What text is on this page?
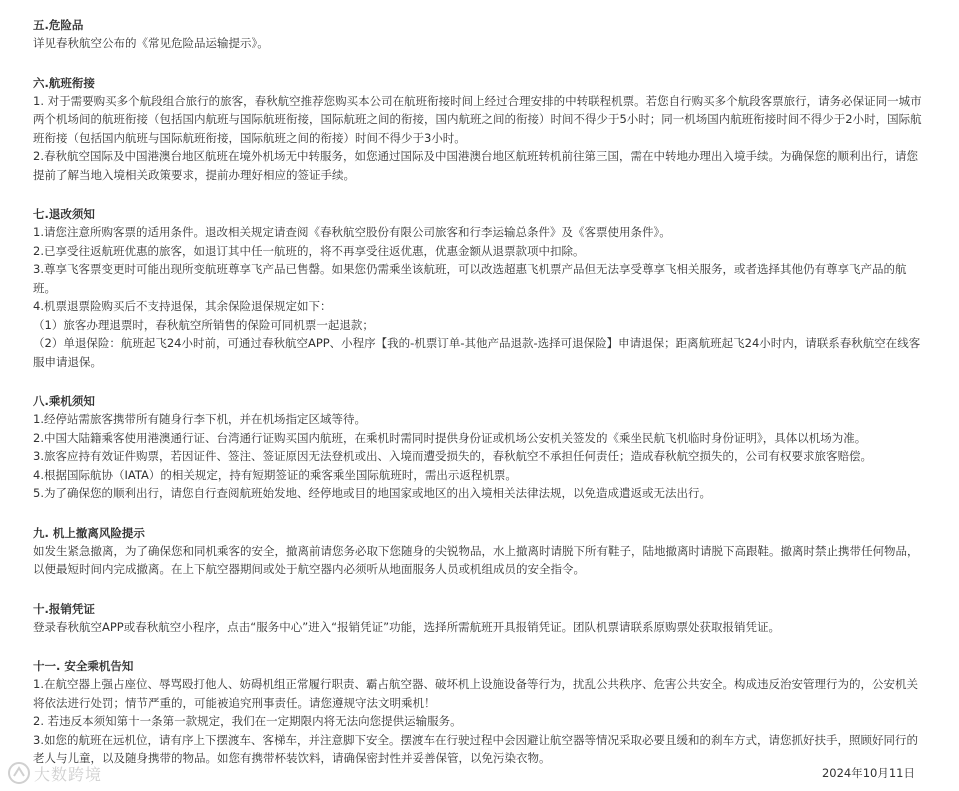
五.危险品
详见春秋航空公布的《常见危险品运输提示》。
六.航班衔接
1. 对于需要购买多个航段组合旅行的旅客，春秋航空推荐您购买本公司在航班衔接时间上经过合理安排的中转联程机票。若您自行购买多个航段客票旅行，请务必保证同一城市两个机场间的航班衔接（包括国内航班与国际航班衔接，国际航班之间的衔接，国内航班之间的衔接）时间不得少于5小时；同一机场国内航班衔接时间不得少于2小时，国际航班衔接（包括国内航班与国际航班衔接，国际航班之间的衔接）时间不得少于3小时。
2.春秋航空国际及中国港澳台地区航班在境外机场无中转服务，如您通过国际及中国港澳台地区航班转机前往第三国，需在中转地办理出入境手续。为确保您的顺利出行，请您提前了解当地入境相关政策要求，提前办理好相应的签证手续。
七.退改须知
1.请您注意所购客票的适用条件。退改相关规定请查阅《春秋航空股份有限公司旅客和行李运输总条件》及《客票使用条件》。
2.已享受往返航班优惠的旅客，如退订其中任一航班的，将不再享受往返优惠，优惠金额从退票款项中扣除。
3.尊享飞客票变更时可能出现所变航班尊享飞产品已售罄。如果您仍需乘坐该航班，可以改选超惠飞机票产品但无法享受尊享飞相关服务，或者选择其他仍有尊享飞产品的航班。
4.机票退票险购买后不支持退保，其余保险退保规定如下：
（1）旅客办理退票时，春秋航空所销售的保险可同机票一起退款；
（2）单退保险：航班起飞24小时前，可通过春秋航空APP、小程序【我的-机票订单-其他产品退款-选择可退保险】申请退保；距离航班起飞24小时内，请联系春秋航空在线客服申请退保。
八.乘机须知
1.经停站需旅客携带所有随身行李下机，并在机场指定区域等待。
2.中国大陆籍乘客使用港澳通行证、台湾通行证购买国内航班，在乘机时需同时提供身份证或机场公安机关签发的《乘坐民航飞机临时身份证明》，具体以机场为准。
3.旅客应持有效证件购票，若因证件、签注、签证原因无法登机或出、入境而遭受损失的，春秋航空不承担任何责任；造成春秋航空损失的，公司有权要求旅客赔偿。
4.根据国际航协（IATA）的相关规定，持有短期签证的乘客乘坐国际航班时，需出示返程机票。
5.为了确保您的顺利出行，请您自行查阅航班始发地、经停地或目的地国家或地区的出入境相关法律法规，以免造成遣返或无法出行。
九. 机上撤离风险提示
如发生紧急撤离，为了确保您和同机乘客的安全，撤离前请您务必取下您随身的尖锐物品，水上撤离时请脱下所有鞋子，陆地撤离时请脱下高跟鞋。撤离时禁止携带任何物品，以便最短时间内完成撤离。在上下航空器期间或处于航空器内必须听从地面服务人员或机组成员的安全指令。
十.报销凭证
登录春秋航空APP或春秋航空小程序，点击“服务中心”进入“报销凭证”功能，选择所需航班开具报销凭证。团队机票请联系原购票处获取报销凭证。
十一. 安全乘机告知
1.在航空器上强占座位、辱骂殴打他人、妨碍机组正常履行职责、霸占航空器、破坏机上设施设备等行为，扰乱公共秩序、危害公共安全。构成违反治安管理行为的，公安机关将依法进行处罚；情节严重的，可能被追究刑事责任。请您遵规守法文明乘机！
2. 若违反本须知第十一条第一款规定，我们在一定期限内将无法向您提供运输服务。
3.如您的航班在远机位，请有序上下摆渡车、客梯车，并注意脚下安全。摆渡车在行驶过程中会因避让航空器等情况采取必要且缓和的刹车方式，请您抓好扶手，照顾好同行的老人与儿童，以及随身携带的物品。如您有携带杯装饮料，请确保密封性并妥善保管，以免污染衣物。
大数跨境	2024年10月11日
